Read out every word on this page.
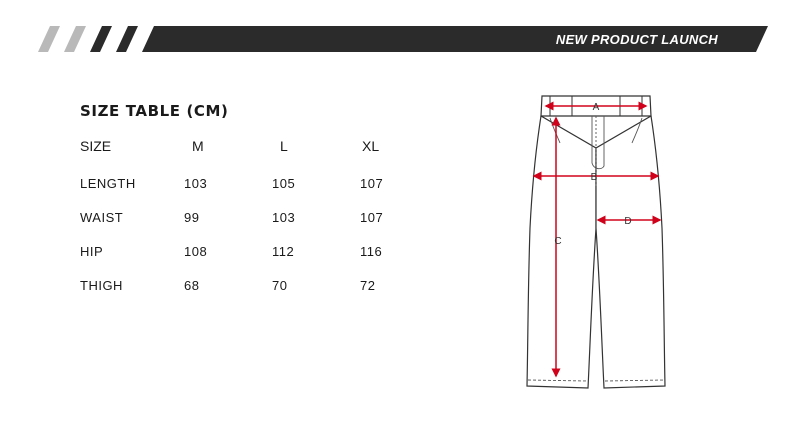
NEW PRODUCT LAUNCH
SIZE TABLE (CM)
SIZE	M	L	XL
LENGTH	103	105	107
WAIST	99	103	107
HIP	108	112	116
THIGH	68	70	72
A
B
C
D
